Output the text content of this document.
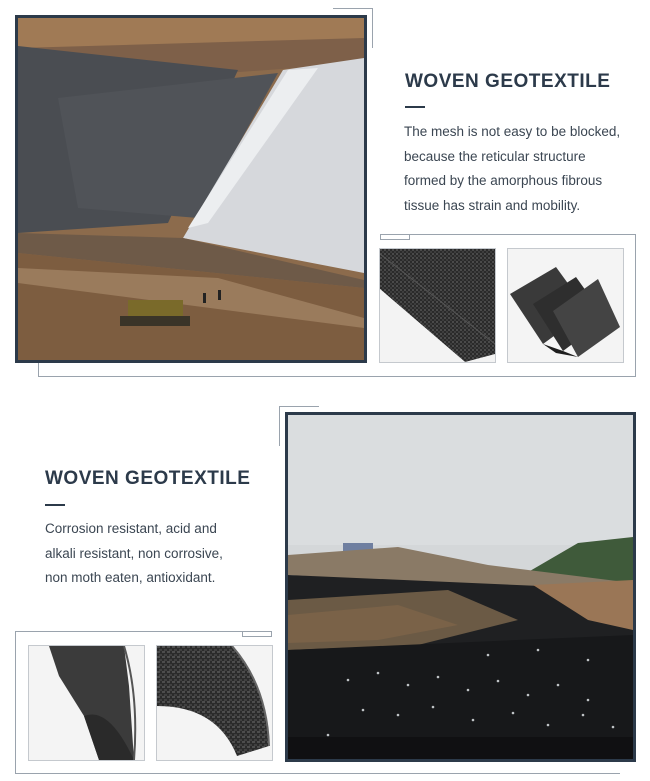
WOVEN GEOTEXTILE
The mesh is not easy to be blocked,
because the reticular structure
formed by the amorphous fibrous
tissue has strain and mobility.
WOVEN GEOTEXTILE
Corrosion resistant, acid and
alkali resistant, non corrosive,
non moth eaten, antioxidant.
